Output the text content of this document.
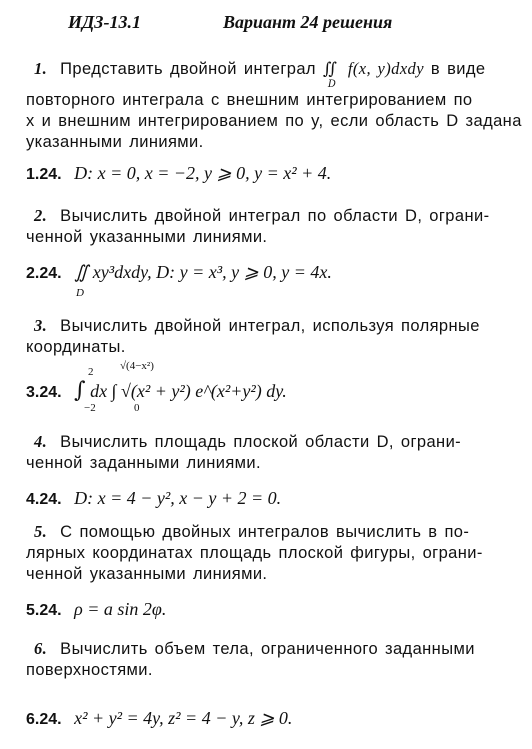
ИДЗ-13.1	Вариант 24 решения
1. Представить двойной интеграл ∬
D
f(x, y)dxdy в виде
повторного интеграла с внешним интегрированием по
x и внешним интегрированием по y, если область D задана
указанными линиями.
1.24. D: x = 0, x = −2, y ⩾ 0, y = x² + 4.
2. Вычислить двойной интеграл по области D, ограни-
ченной указанными линиями.
2.24. ∬ xy³dxdy, D: y = x³, y ⩾ 0, y = 4x.
D
3. Вычислить двойной интеграл, используя полярные
координаты.
3.24. ∫ dx ∫ √(x² + y²) e^(x²+y²) dy.
2
−2
√(4−x²)
0
4. Вычислить площадь плоской области D, ограни-
ченной заданными линиями.
4.24. D: x = 4 − y², x − y + 2 = 0.
5. С помощью двойных интегралов вычислить в по-
лярных координатах площадь плоской фигуры, ограни-
ченной указанными линиями.
5.24. ρ = a sin 2φ.
6. Вычислить объем тела, ограниченного заданными
поверхностями.
6.24. x² + y² = 4y, z² = 4 − y, z ⩾ 0.
